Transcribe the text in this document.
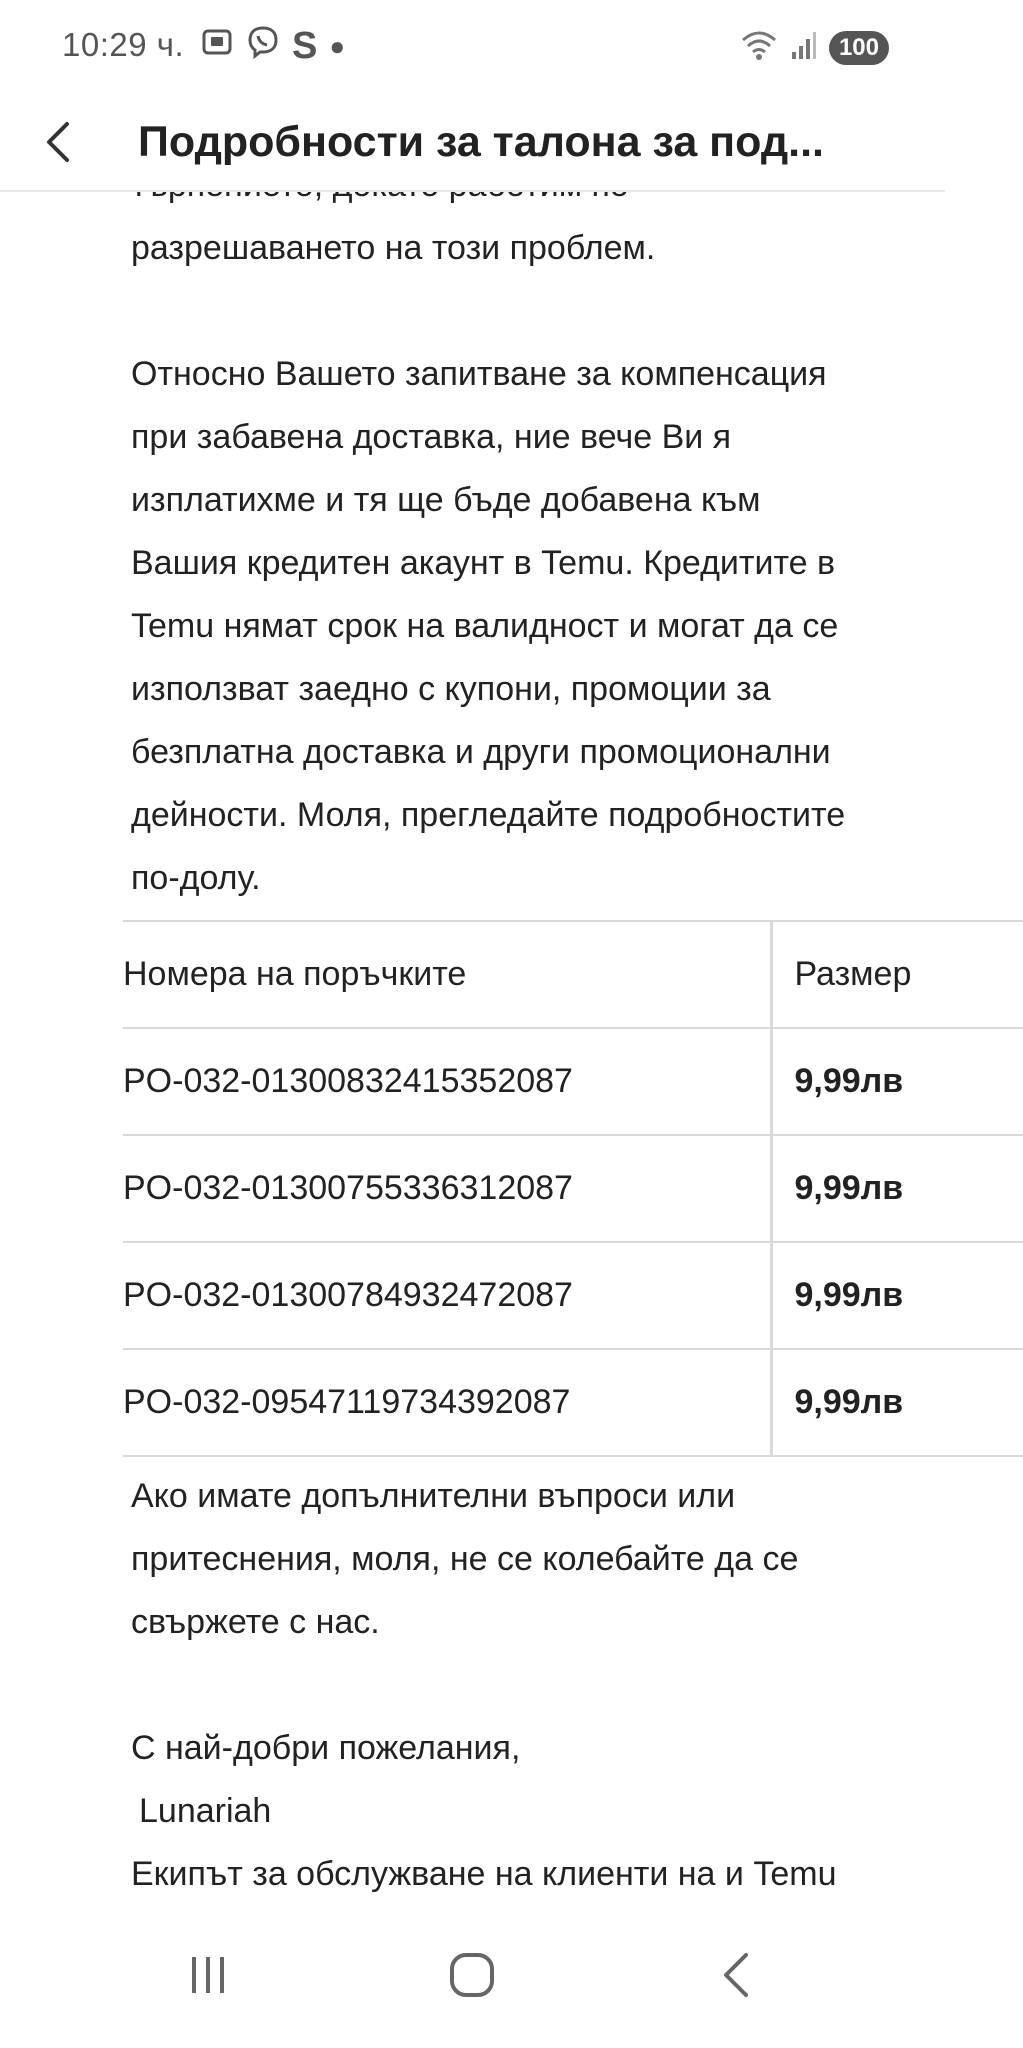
10:29 ч.	S ●	100
Подробности за талона за под...
разрешаването на този проблем.
Относно Вашето запитване за компенсация
при забавена доставка, ние вече Ви я
изплатихме и тя ще бъде добавена към
Вашия кредитен акаунт в Temu. Кредитите в
Temu нямат срок на валидност и могат да се
използват заедно с купони, промоции за
безплатна доставка и други промоционални
дейности. Моля, прегледайте подробностите
по-долу.
Номера на поръчките	Размер
PO-032-01300832415352087	9,99лв
PO-032-01300755336312087	9,99лв
PO-032-01300784932472087	9,99лв
PO-032-09547119734392087	9,99лв
Ако имате допълнителни въпроси или
притеснения, моля, не се колебайте да се
свържете с нас.
С най-добри пожелания,
Lunariah
Екипът за обслужване на клиенти на и Temu
